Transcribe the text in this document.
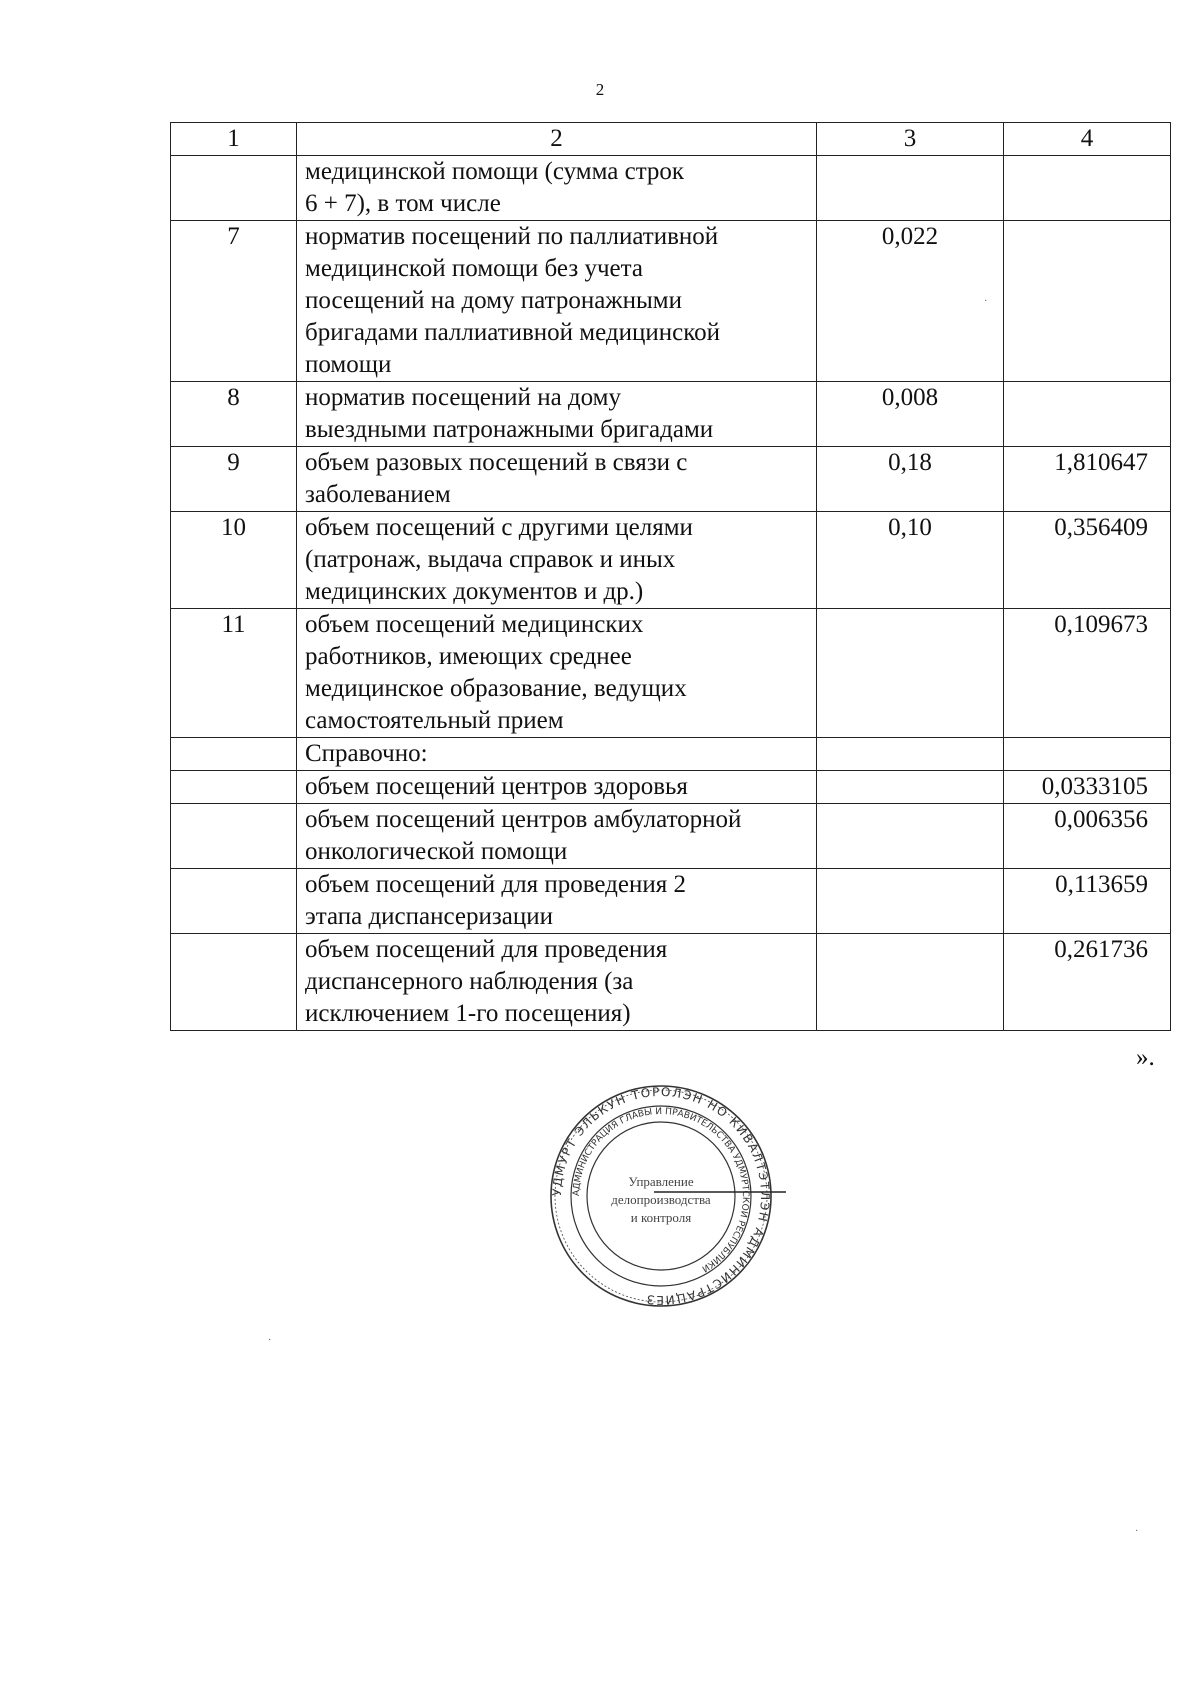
2
1	2	3	4
	медицинской помощи (сумма строк
6 + 7), в том числе		
7	норматив посещений по паллиативной
медицинской помощи без учета
посещений на дому патронажными
бригадами паллиативной медицинской
помощи	0,022	
8	норматив посещений на дому
выездными патронажными бригадами	0,008	
9	объем разовых посещений в связи с
заболеванием	0,18	1,810647
10	объем посещений с другими целями
(патронаж, выдача справок и иных
медицинских документов и др.)	0,10	0,356409
11	объем посещений медицинских
работников, имеющих среднее
медицинское образование, ведущих
самостоятельный прием		0,109673
	Справочно:		
	объем посещений центров здоровья		0,0333105
	объем посещений центров амбулаторной
онкологической помощи		0,006356
	объем посещений для проведения 2
этапа диспансеризации		0,113659
	объем посещений для проведения
диспансерного наблюдения (за
исключением 1-го посещения)		0,261736
».
УДМУРТ ЭЛЬКУН ТОРОЛЭН НО КИВАЛТЭТЛЭН АДМИНИСТРАЦИЕЗ
АДМИНИСТРАЦИЯ ГЛАВЫ И ПРАВИТЕЛЬСТВА УДМУРТСКОЙ РЕСПУБЛИКИ
Управление
делопроизводства
и контроля
·
·
·
